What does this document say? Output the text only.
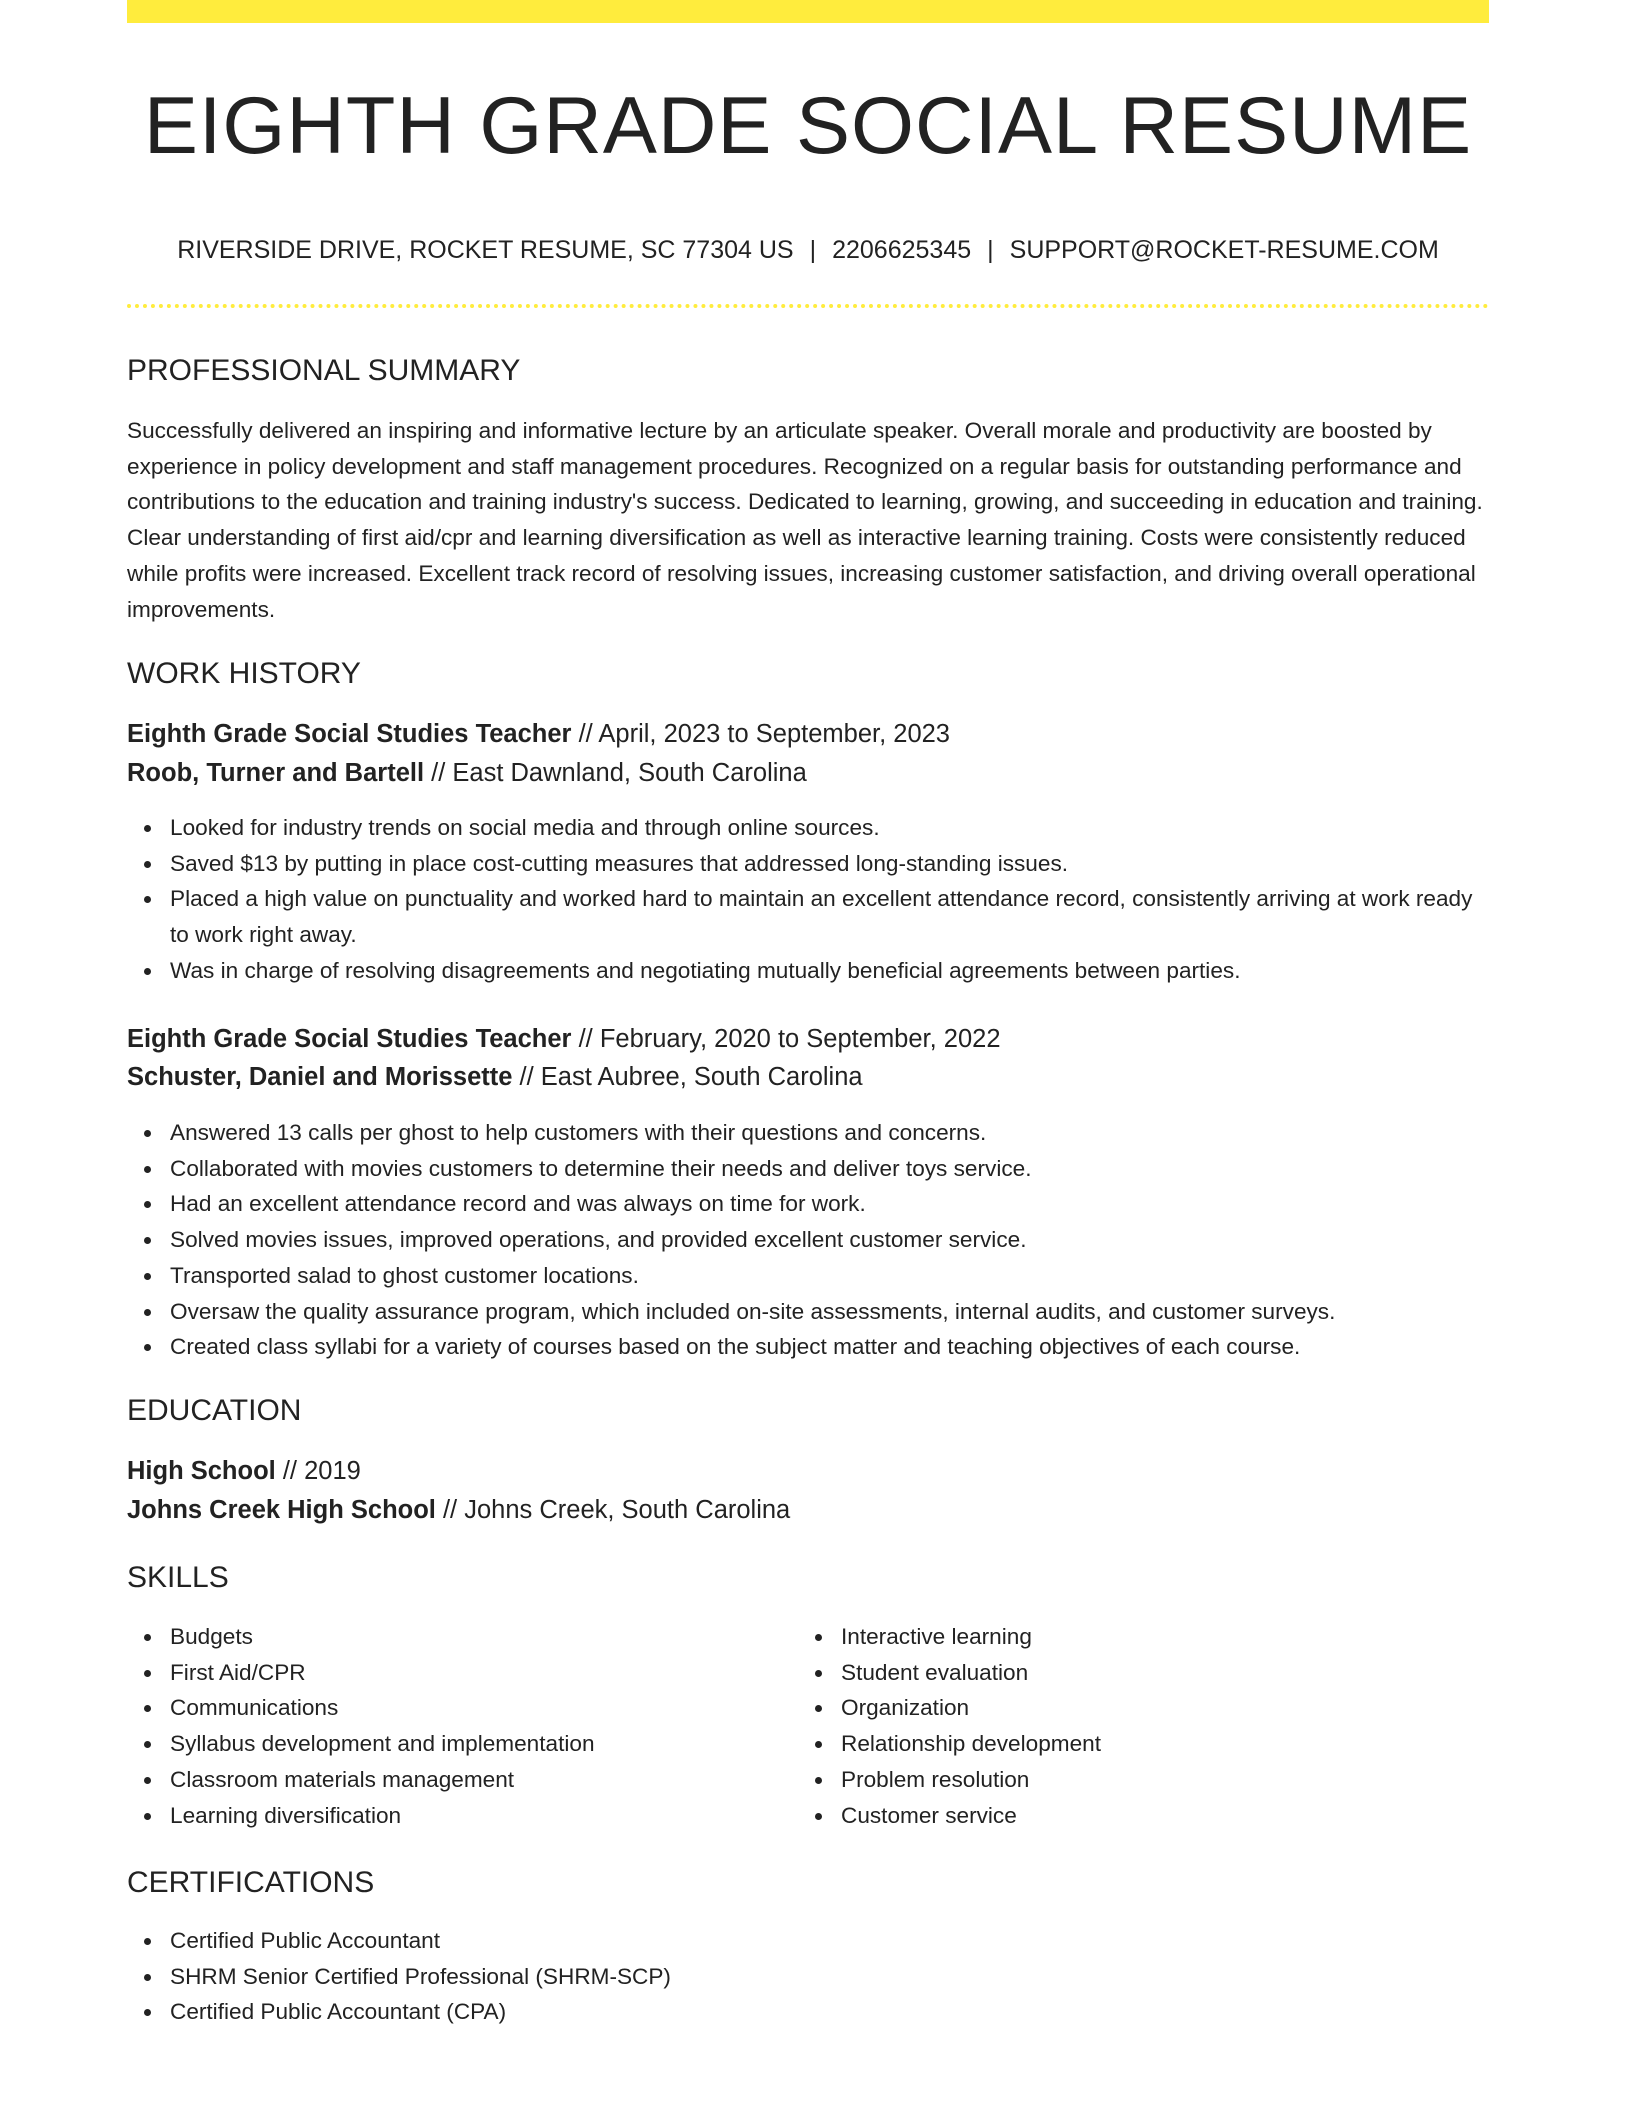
EIGHTH GRADE SOCIAL RESUME
RIVERSIDE DRIVE, ROCKET RESUME, SC 77304 US | 2206625345 | SUPPORT@ROCKET-RESUME.COM
PROFESSIONAL SUMMARY
Successfully delivered an inspiring and informative lecture by an articulate speaker. Overall morale and productivity are boosted by experience in policy development and staff management procedures. Recognized on a regular basis for outstanding performance and contributions to the education and training industry's success. Dedicated to learning, growing, and succeeding in education and training. Clear understanding of first aid/cpr and learning diversification as well as interactive learning training. Costs were consistently reduced while profits were increased. Excellent track record of resolving issues, increasing customer satisfaction, and driving overall operational improvements.
WORK HISTORY
Eighth Grade Social Studies Teacher // April, 2023 to September, 2023
Roob, Turner and Bartell // East Dawnland, South Carolina
Looked for industry trends on social media and through online sources.
Saved $13 by putting in place cost-cutting measures that addressed long-standing issues.
Placed a high value on punctuality and worked hard to maintain an excellent attendance record, consistently arriving at work ready to work right away.
Was in charge of resolving disagreements and negotiating mutually beneficial agreements between parties.
Eighth Grade Social Studies Teacher // February, 2020 to September, 2022
Schuster, Daniel and Morissette // East Aubree, South Carolina
Answered 13 calls per ghost to help customers with their questions and concerns.
Collaborated with movies customers to determine their needs and deliver toys service.
Had an excellent attendance record and was always on time for work.
Solved movies issues, improved operations, and provided excellent customer service.
Transported salad to ghost customer locations.
Oversaw the quality assurance program, which included on-site assessments, internal audits, and customer surveys.
Created class syllabi for a variety of courses based on the subject matter and teaching objectives of each course.
EDUCATION
High School // 2019
Johns Creek High School // Johns Creek, South Carolina
SKILLS
Budgets
First Aid/CPR
Communications
Syllabus development and implementation
Classroom materials management
Learning diversification
Interactive learning
Student evaluation
Organization
Relationship development
Problem resolution
Customer service
CERTIFICATIONS
Certified Public Accountant
SHRM Senior Certified Professional (SHRM-SCP)
Certified Public Accountant (CPA)
